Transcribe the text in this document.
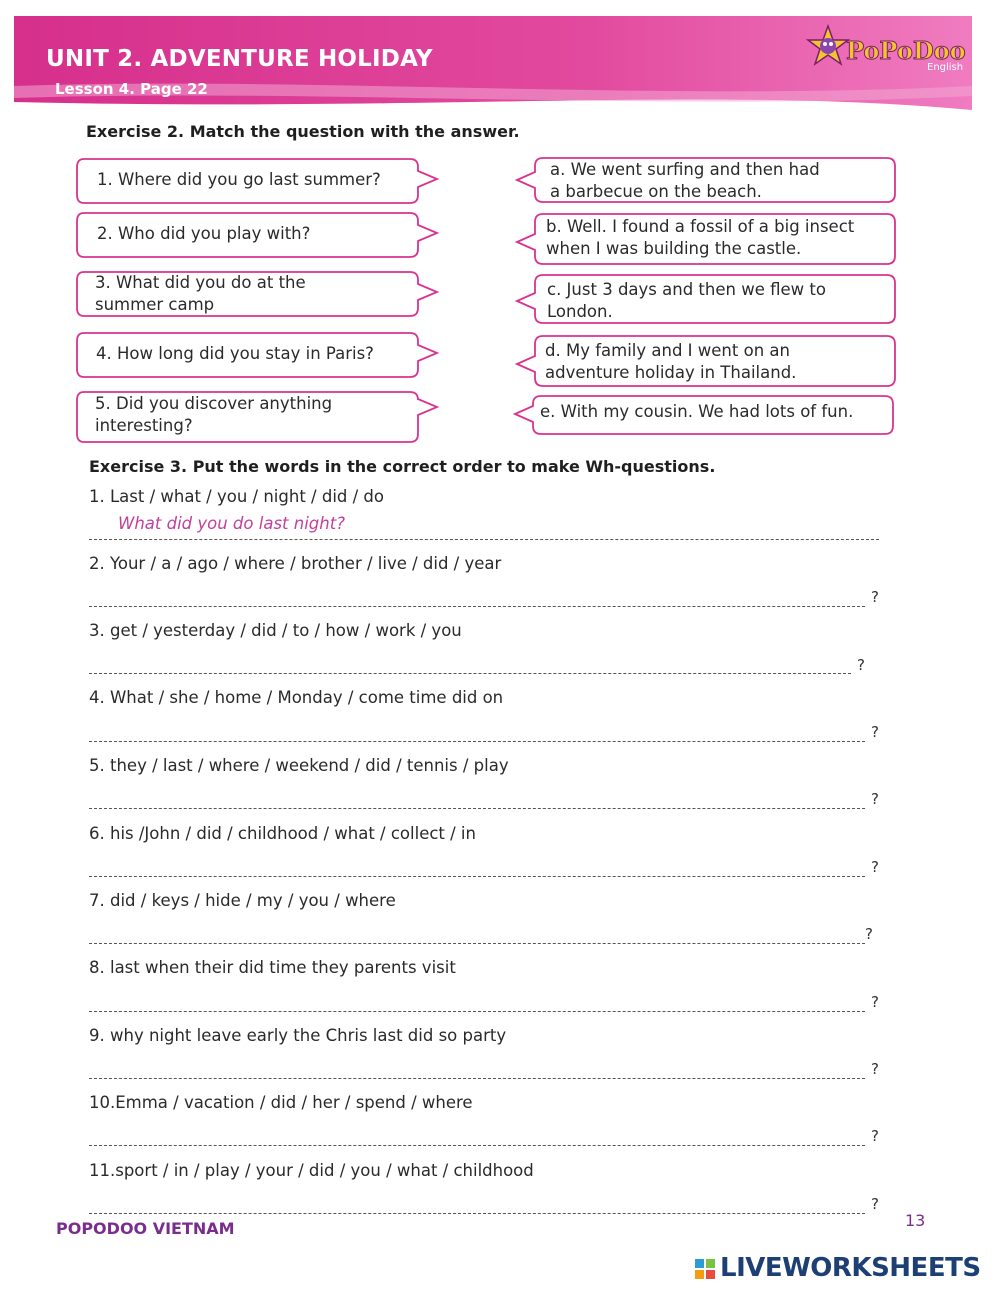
UNIT 2. ADVENTURE HOLIDAY
Lesson 4. Page 22
PoPoDoo
English
Exercise 2. Match the question with the answer.
1. Where did you go last summer?
2. Who did you play with?
3. What did you do at the
summer camp
4. How long did you stay in Paris?
5. Did you discover anything
interesting?
a. We went surfing and then had
a barbecue on the beach.
b. Well. I found a fossil of a big insect
when I was building the castle.
c. Just 3 days and then we flew to
London.
d. My family and I went on an
adventure holiday in Thailand.
e. With my cousin. We had lots of fun.
Exercise 3. Put the words in the correct order to make Wh-questions.
1. Last / what / you / night / did / do
What did you do last night?
2. Your / a / ago / where / brother / live / did / year
?
3. get / yesterday / did / to / how / work / you
?
4. What / she / home / Monday / come time did on
?
5. they / last / where / weekend / did / tennis / play
?
6. his /John / did / childhood / what / collect / in
?
7. did / keys / hide / my / you / where
?
8. last when their did time they parents visit
?
9. why night leave early the Chris last did so party
?
10.Emma / vacation / did / her / spend / where
?
11.sport / in / play / your / did / you / what / childhood
?
POPODOO VIETNAM	13
LIVEWORKSHEETS
